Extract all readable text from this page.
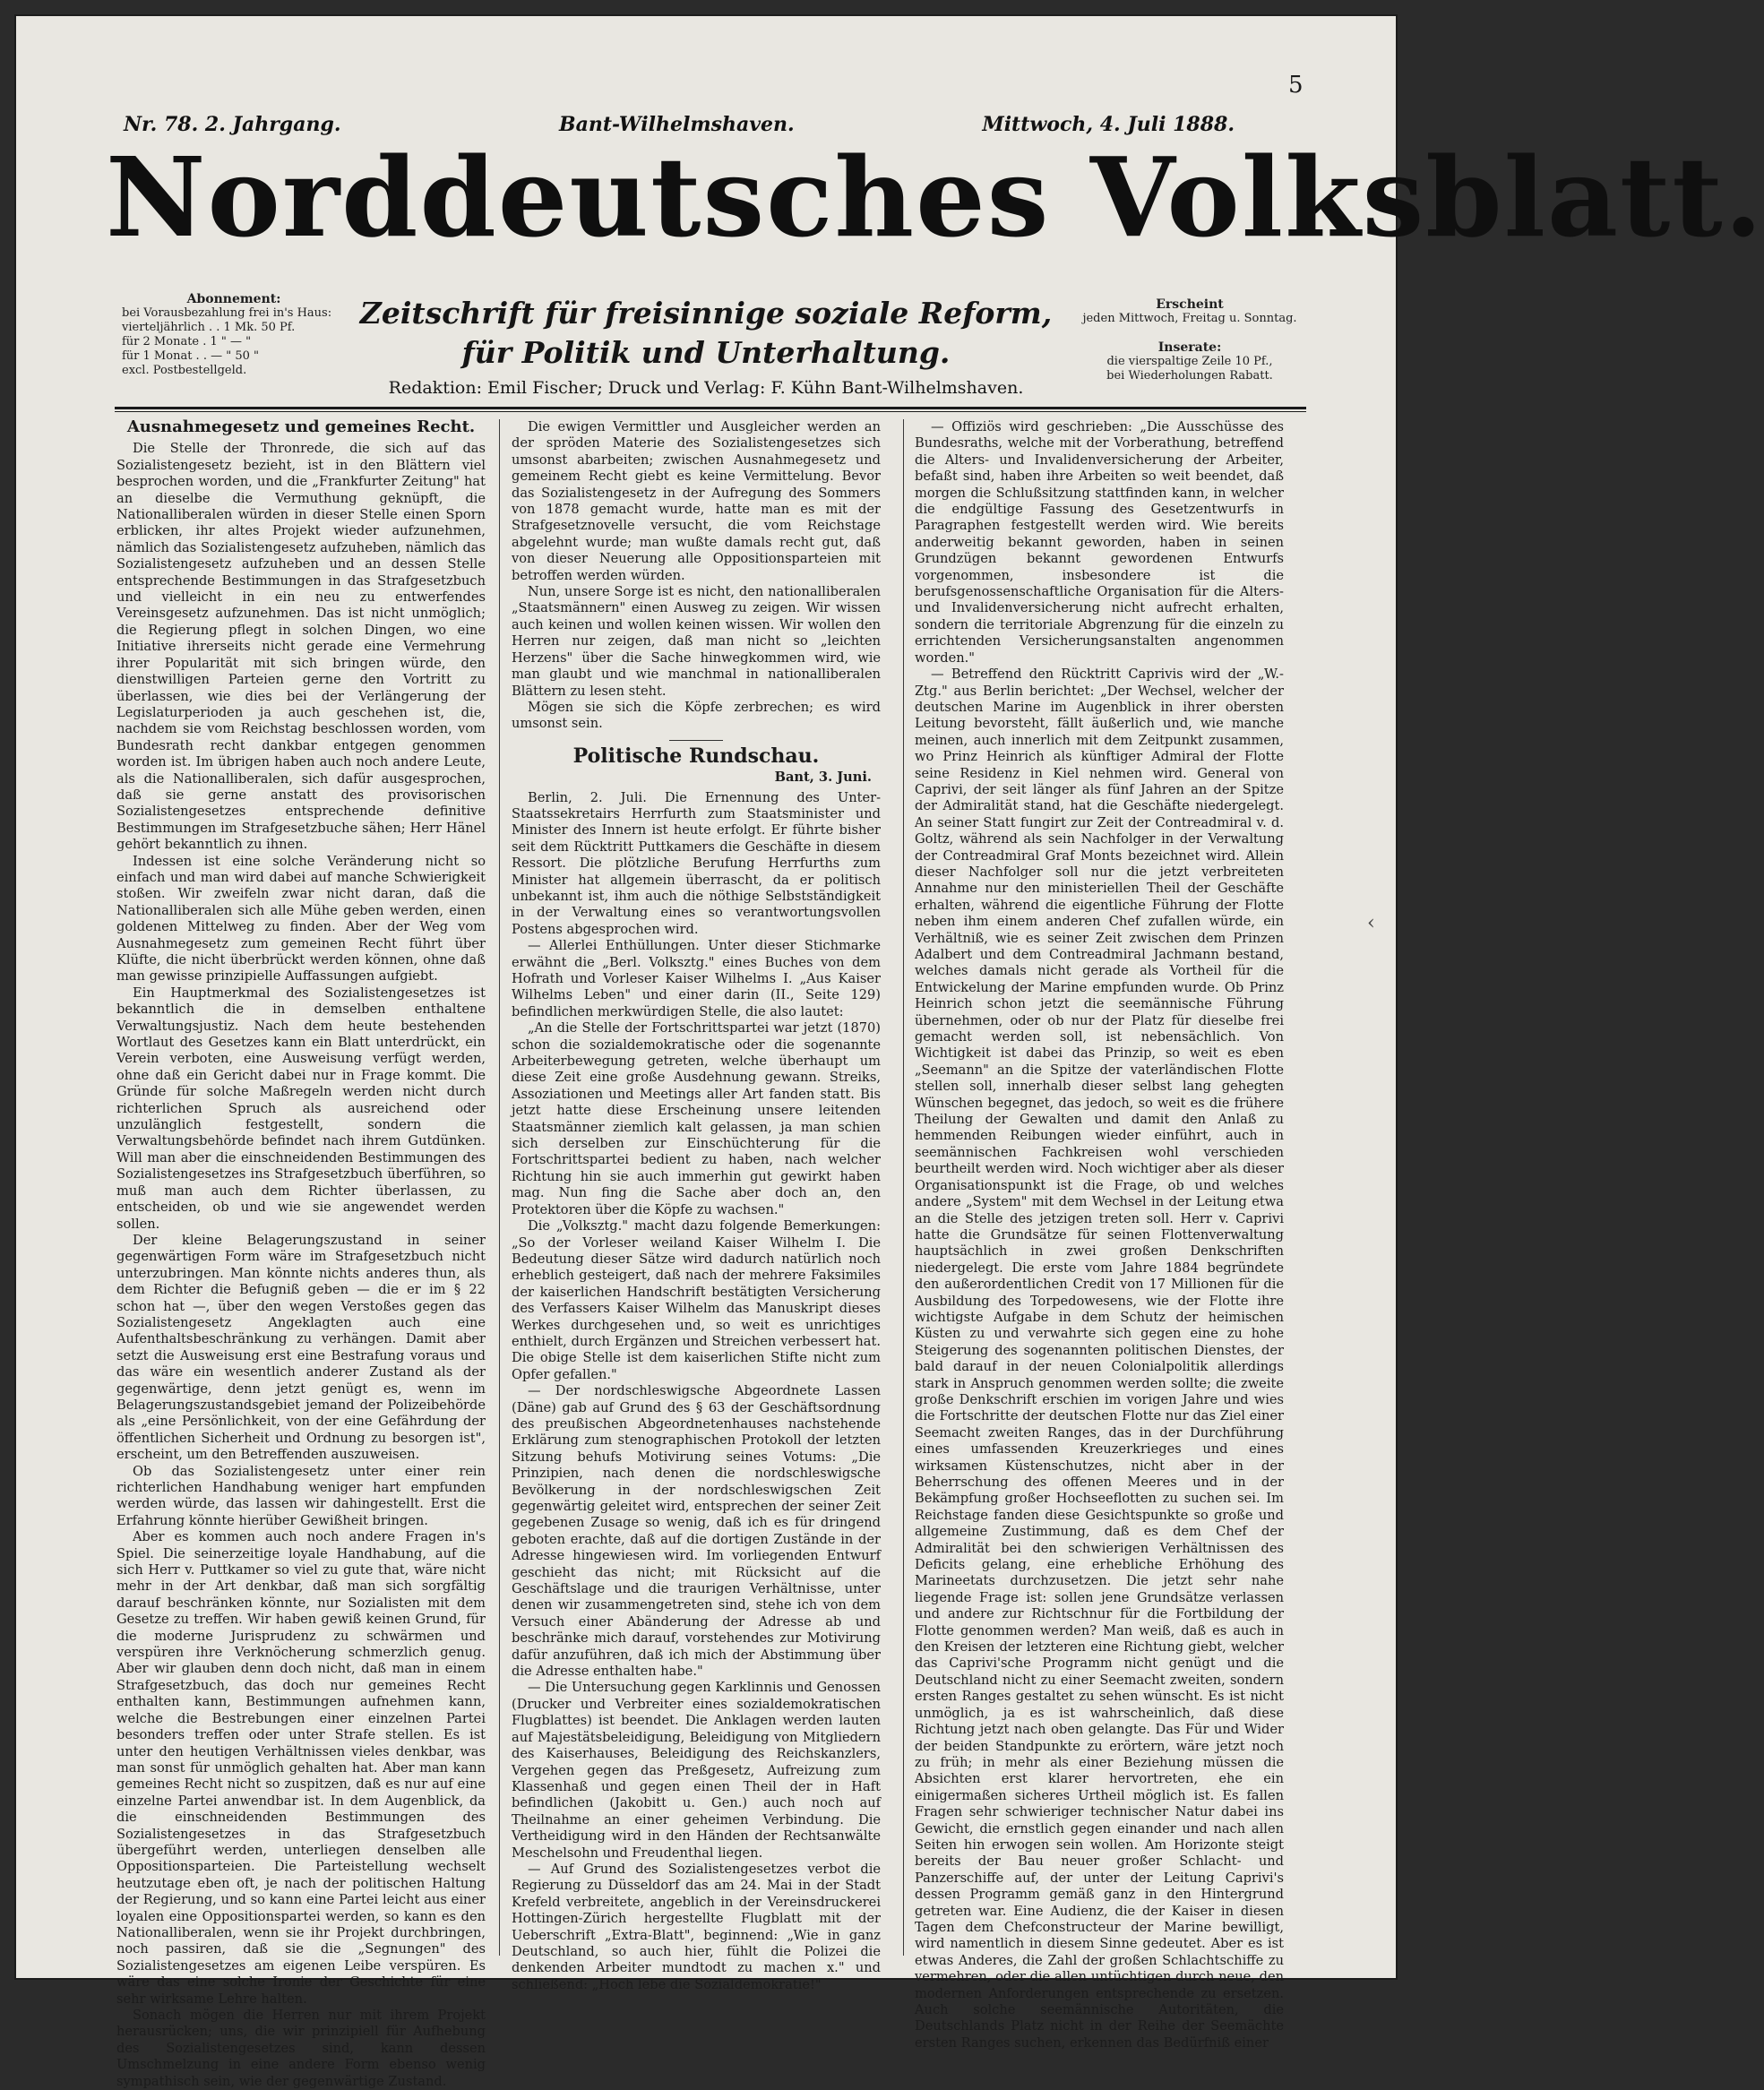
5
Nr. 78. 2. Jahrgang.	Bant-Wilhelmshaven.	Mittwoch, 4. Juli 1888.
Norddeutsches Volksblatt.
Abonnement:
bei Vorausbezahlung frei in's Haus:
vierteljährlich . . 1 Mk. 50 Pf.
für 2 Monate . 1 " — "
für 1 Monat . . — " 50 "
excl. Postbestellgeld.
Zeitschrift für freisinnige soziale Reform,
für Politik und Unterhaltung.
Redaktion: Emil Fischer; Druck und Verlag: F. Kühn Bant-Wilhelmshaven.
Erscheint
jeden Mittwoch, Freitag u. Sonntag.
Inserate:
die vierspaltige Zeile 10 Pf.,
bei Wiederholungen Rabatt.
Ausnahmegesetz und gemeines Recht.

Die Stelle der Thronrede, die sich auf das Sozialistengesetz bezieht, ist in den Blättern viel besprochen worden, und die „Frankfurter Zeitung" hat an dieselbe die Vermuthung geknüpft, die Nationalliberalen würden in dieser Stelle einen Sporn erblicken, ihr altes Projekt wieder aufzunehmen, nämlich das Sozialistengesetz aufzuheben, nämlich das Sozialistengesetz aufzuheben und an dessen Stelle entsprechende Bestimmungen in das Strafgesetzbuch und vielleicht in ein neu zu entwerfendes Vereinsgesetz aufzunehmen. Das ist nicht unmöglich; die Regierung pflegt in solchen Dingen, wo eine Initiative ihrerseits nicht gerade eine Vermehrung ihrer Popularität mit sich bringen würde, den dienstwilligen Parteien gerne den Vortritt zu überlassen, wie dies bei der Verlängerung der Legislaturperioden ja auch geschehen ist, die, nachdem sie vom Reichstag beschlossen worden, vom Bundesrath recht dankbar entgegen genommen worden ist. Im übrigen haben auch noch andere Leute, als die Nationalliberalen, sich dafür ausgesprochen, daß sie gerne anstatt des provisorischen Sozialistengesetzes entsprechende definitive Bestimmungen im Strafgesetzbuche sähen; Herr Hänel gehört bekanntlich zu ihnen.

Indessen ist eine solche Veränderung nicht so einfach und man wird dabei auf manche Schwierigkeit stoßen. Wir zweifeln zwar nicht daran, daß die Nationalliberalen sich alle Mühe geben werden, einen goldenen Mittelweg zu finden. Aber der Weg vom Ausnahmegesetz zum gemeinen Recht führt über Klüfte, die nicht überbrückt werden können, ohne daß man gewisse prinzipielle Auffassungen aufgiebt.

Ein Hauptmerkmal des Sozialistengesetzes ist bekanntlich die in demselben enthaltene Verwaltungsjustiz. Nach dem heute bestehenden Wortlaut des Gesetzes kann ein Blatt unterdrückt, ein Verein verboten, eine Ausweisung verfügt werden, ohne daß ein Gericht dabei nur in Frage kommt. Die Gründe für solche Maßregeln werden nicht durch richterlichen Spruch als ausreichend oder unzulänglich festgestellt, sondern die Verwaltungsbehörde befindet nach ihrem Gutdünken. Will man aber die einschneidenden Bestimmungen des Sozialistengesetzes ins Strafgesetzbuch überführen, so muß man auch dem Richter überlassen, zu entscheiden, ob und wie sie angewendet werden sollen.

Der kleine Belagerungszustand in seiner gegenwärtigen Form wäre im Strafgesetzbuch nicht unterzubringen. Man könnte nichts anderes thun, als dem Richter die Befugniß geben — die er im § 22 schon hat —, über den wegen Verstoßes gegen das Sozialistengesetz Angeklagten auch eine Aufenthaltsbeschränkung zu verhängen. Damit aber setzt die Ausweisung erst eine Bestrafung voraus und das wäre ein wesentlich anderer Zustand als der gegenwärtige, denn jetzt genügt es, wenn im Belagerungszustandsgebiet jemand der Polizeibehörde als „eine Persönlichkeit, von der eine Gefährdung der öffentlichen Sicherheit und Ordnung zu besorgen ist", erscheint, um den Betreffenden auszuweisen.

Ob das Sozialistengesetz unter einer rein richterlichen Handhabung weniger hart empfunden werden würde, das lassen wir dahingestellt. Erst die Erfahrung könnte hierüber Gewißheit bringen.

Aber es kommen auch noch andere Fragen in's Spiel. Die seinerzeitige loyale Handhabung, auf die sich Herr v. Puttkamer so viel zu gute that, wäre nicht mehr in der Art denkbar, daß man sich sorgfältig darauf beschränken könnte, nur Sozialisten mit dem Gesetze zu treffen. Wir haben gewiß keinen Grund, für die moderne Jurisprudenz zu schwärmen und verspüren ihre Verknöcherung schmerzlich genug. Aber wir glauben denn doch nicht, daß man in einem Strafgesetzbuch, das doch nur gemeines Recht enthalten kann, Bestimmungen aufnehmen kann, welche die Bestrebungen einer einzelnen Partei besonders treffen oder unter Strafe stellen. Es ist unter den heutigen Verhältnissen vieles denkbar, was man sonst für unmöglich gehalten hat. Aber man kann gemeines Recht nicht so zuspitzen, daß es nur auf eine einzelne Partei anwendbar ist. In dem Augenblick, da die einschneidenden Bestimmungen des Sozialistengesetzes in das Strafgesetzbuch übergeführt werden, unterliegen denselben alle Oppositionsparteien. Die Parteistellung wechselt heutzutage eben oft, je nach der politischen Haltung der Regierung, und so kann eine Partei leicht aus einer loyalen eine Oppositionspartei werden, so kann es den Nationalliberalen, wenn sie ihr Projekt durchbringen, noch passiren, daß sie die „Segnungen" des Sozialistengesetzes am eigenen Leibe verspüren. Es wäre das eine solche Ironie der Geschichte für eine sehr wirksame Lehre halten.

Sonach mögen die Herren nur mit ihrem Projekt herausrücken; uns, die wir prinzipiell für Aufhebung des Sozialistengesetzes sind, kann dessen Umschmelzung in eine andere Form ebenso wenig sympathisch sein, wie der gegenwärtige Zustand.

Die ewigen Vermittler und Ausgleicher werden an der spröden Materie des Sozialistengesetzes sich umsonst abarbeiten; zwischen Ausnahmegesetz und gemeinem Recht giebt es keine Vermittelung. Bevor das Sozialistengesetz in der Aufregung des Sommers von 1878 gemacht wurde, hatte man es mit der Strafgesetznovelle versucht, die vom Reichstage abgelehnt wurde; man wußte damals recht gut, daß von dieser Neuerung alle Oppositionsparteien mit betroffen werden würden.

Nun, unsere Sorge ist es nicht, den nationalliberalen „Staatsmännern" einen Ausweg zu zeigen. Wir wissen auch keinen und wollen keinen wissen. Wir wollen den Herren nur zeigen, daß man nicht so „leichten Herzens" über die Sache hinwegkommen wird, wie man glaubt und wie manchmal in nationalliberalen Blättern zu lesen steht.

Mögen sie sich die Köpfe zerbrechen; es wird umsonst sein.

Politische Rundschau.
Bant, 3. Juni.

Berlin, 2. Juli. Die Ernennung des Unter-Staatssekretairs Herrfurth zum Staatsminister und Minister des Innern ist heute erfolgt. Er führte bisher seit dem Rücktritt Puttkamers die Geschäfte in diesem Ressort. Die plötzliche Berufung Herrfurths zum Minister hat allgemein überrascht, da er politisch unbekannt ist, ihm auch die nöthige Selbstständigkeit in der Verwaltung eines so verantwortungsvollen Postens abgesprochen wird.

— Allerlei Enthüllungen. Unter dieser Stichmarke erwähnt die „Berl. Volksztg." eines Buches von dem Hofrath und Vorleser Kaiser Wilhelms I. „Aus Kaiser Wilhelms Leben" und einer darin (II., Seite 129) befindlichen merkwürdigen Stelle, die also lautet:

„An die Stelle der Fortschrittspartei war jetzt (1870) schon die sozialdemokratische oder die sogenannte Arbeiterbewegung getreten, welche überhaupt um diese Zeit eine große Ausdehnung gewann. Streiks, Assoziationen und Meetings aller Art fanden statt. Bis jetzt hatte diese Erscheinung unsere leitenden Staatsmänner ziemlich kalt gelassen, ja man schien sich derselben zur Einschüchterung für die Fortschrittspartei bedient zu haben, nach welcher Richtung hin sie auch immerhin gut gewirkt haben mag. Nun fing die Sache aber doch an, den Protektoren über die Köpfe zu wachsen."

Die „Volksztg." macht dazu folgende Bemerkungen: „So der Vorleser weiland Kaiser Wilhelm I. Die Bedeutung dieser Sätze wird dadurch natürlich noch erheblich gesteigert, daß nach der mehrere Faksimiles der kaiserlichen Handschrift bestätigten Versicherung des Verfassers Kaiser Wilhelm das Manuskript dieses Werkes durchgesehen und, so weit es unrichtiges enthielt, durch Ergänzen und Streichen verbessert hat. Die obige Stelle ist dem kaiserlichen Stifte nicht zum Opfer gefallen."

— Der nordschleswigsche Abgeordnete Lassen (Däne) gab auf Grund des § 63 der Geschäftsordnung des preußischen Abgeordnetenhauses nachstehende Erklärung zum stenographischen Protokoll der letzten Sitzung behufs Motivirung seines Votums: „Die Prinzipien, nach denen die nordschleswigsche Bevölkerung in der nordschleswigschen Zeit gegenwärtig geleitet wird, entsprechen der seiner Zeit gegebenen Zusage so wenig, daß ich es für dringend geboten erachte, daß auf die dortigen Zustände in der Adresse hingewiesen wird. Im vorliegenden Entwurf geschieht das nicht; mit Rücksicht auf die Geschäftslage und die traurigen Verhältnisse, unter denen wir zusammengetreten sind, stehe ich von dem Versuch einer Abänderung der Adresse ab und beschränke mich darauf, vorstehendes zur Motivirung dafür anzuführen, daß ich mich der Abstimmung über die Adresse enthalten habe."

— Die Untersuchung gegen Karklinnis und Genossen (Drucker und Verbreiter eines sozialdemokratischen Flugblattes) ist beendet. Die Anklagen werden lauten auf Majestätsbeleidigung, Beleidigung von Mitgliedern des Kaiserhauses, Beleidigung des Reichskanzlers, Vergehen gegen das Preßgesetz, Aufreizung zum Klassenhaß und gegen einen Theil der in Haft befindlichen (Jakobitt u. Gen.) auch noch auf Theilnahme an einer geheimen Verbindung. Die Vertheidigung wird in den Händen der Rechtsanwälte Meschelsohn und Freudenthal liegen.

— Auf Grund des Sozialistengesetzes verbot die Regierung zu Düsseldorf das am 24. Mai in der Stadt Krefeld verbreitete, angeblich in der Vereinsdruckerei Hottingen-Zürich hergestellte Flugblatt mit der Ueberschrift „Extra-Blatt", beginnend: „Wie in ganz Deutschland, so auch hier, fühlt die Polizei die denkenden Arbeiter mundtodt zu machen x." und schließend: „Hoch lebe die Sozialdemokratie!"

— Offiziös wird geschrieben: „Die Ausschüsse des Bundesraths, welche mit der Vorberathung, betreffend die Alters- und Invalidenversicherung der Arbeiter, befaßt sind, haben ihre Arbeiten so weit beendet, daß morgen die Schlußsitzung stattfinden kann, in welcher die endgültige Fassung des Gesetzentwurfs in Paragraphen festgestellt werden wird. Wie bereits anderweitig bekannt geworden, haben in seinen Grundzügen bekannt gewordenen Entwurfs vorgenommen, insbesondere ist die berufsgenossenschaftliche Organisation für die Alters- und Invalidenversicherung nicht aufrecht erhalten, sondern die territoriale Abgrenzung für die einzeln zu errichtenden Versicherungsanstalten angenommen worden."

— Betreffend den Rücktritt Caprivis wird der „W.-Ztg." aus Berlin berichtet: „Der Wechsel, welcher der deutschen Marine im Augenblick in ihrer obersten Leitung bevorsteht, fällt äußerlich und, wie manche meinen, auch innerlich mit dem Zeitpunkt zusammen, wo Prinz Heinrich als künftiger Admiral der Flotte seine Residenz in Kiel nehmen wird. General von Caprivi, der seit länger als fünf Jahren an der Spitze der Admiralität stand, hat die Geschäfte niedergelegt. An seiner Statt fungirt zur Zeit der Contreadmiral v. d. Goltz, während als sein Nachfolger in der Verwaltung der Contreadmiral Graf Monts bezeichnet wird. Allein dieser Nachfolger soll nur die jetzt verbreiteten Annahme nur den ministeriellen Theil der Geschäfte erhalten, während die eigentliche Führung der Flotte neben ihm einem anderen Chef zufallen würde, ein Verhältniß, wie es seiner Zeit zwischen dem Prinzen Adalbert und dem Contreadmiral Jachmann bestand, welches damals nicht gerade als Vortheil für die Entwickelung der Marine empfunden wurde. Ob Prinz Heinrich schon jetzt die seemännische Führung übernehmen, oder ob nur der Platz für dieselbe frei gemacht werden soll, ist nebensächlich. Von Wichtigkeit ist dabei das Prinzip, so weit es eben „Seemann" an die Spitze der vaterländischen Flotte stellen soll, innerhalb dieser selbst lang gehegten Wünschen begegnet, das jedoch, so weit es die frühere Theilung der Gewalten und damit den Anlaß zu hemmenden Reibungen wieder einführt, auch in seemännischen Fachkreisen wohl verschieden beurtheilt werden wird. Noch wichtiger aber als dieser Organisationspunkt ist die Frage, ob und welches andere „System" mit dem Wechsel in der Leitung etwa an die Stelle des jetzigen treten soll. Herr v. Caprivi hatte die Grundsätze für seinen Flottenverwaltung hauptsächlich in zwei großen Denkschriften niedergelegt. Die erste vom Jahre 1884 begründete den außerordentlichen Credit von 17 Millionen für die Ausbildung des Torpedowesens, wie der Flotte ihre wichtigste Aufgabe in dem Schutz der heimischen Küsten zu und verwahrte sich gegen eine zu hohe Steigerung des sogenannten politischen Dienstes, der bald darauf in der neuen Colonialpolitik allerdings stark in Anspruch genommen werden sollte; die zweite große Denkschrift erschien im vorigen Jahre und wies die Fortschritte der deutschen Flotte nur das Ziel einer Seemacht zweiten Ranges, das in der Durchführung eines umfassenden Kreuzerkrieges und eines wirksamen Küstenschutzes, nicht aber in der Beherrschung des offenen Meeres und in der Bekämpfung großer Hochseeflotten zu suchen sei. Im Reichstage fanden diese Gesichtspunkte so große und allgemeine Zustimmung, daß es dem Chef der Admiralität bei den schwierigen Verhältnissen des Deficits gelang, eine erhebliche Erhöhung des Marineetats durchzusetzen. Die jetzt sehr nahe liegende Frage ist: sollen jene Grundsätze verlassen und andere zur Richtschnur für die Fortbildung der Flotte genommen werden? Man weiß, daß es auch in den Kreisen der letzteren eine Richtung giebt, welcher das Caprivi'sche Programm nicht genügt und die Deutschland nicht zu einer Seemacht zweiten, sondern ersten Ranges gestaltet zu sehen wünscht. Es ist nicht unmöglich, ja es ist wahrscheinlich, daß diese Richtung jetzt nach oben gelangte. Das Für und Wider der beiden Standpunkte zu erörtern, wäre jetzt noch zu früh; in mehr als einer Beziehung müssen die Absichten erst klarer hervortreten, ehe ein einigermaßen sicheres Urtheil möglich ist. Es fallen Fragen sehr schwieriger technischer Natur dabei ins Gewicht, die ernstlich gegen einander und nach allen Seiten hin erwogen sein wollen. Am Horizonte steigt bereits der Bau neuer großer Schlacht- und Panzerschiffe auf, der unter der Leitung Caprivi's dessen Programm gemäß ganz in den Hintergrund getreten war. Eine Audienz, die der Kaiser in diesen Tagen dem Chefconstructeur der Marine bewilligt, wird namentlich in diesem Sinne gedeutet. Aber es ist etwas Anderes, die Zahl der großen Schlachtschiffe zu vermehren, oder die allen untüchtigen durch neue, den modernen Anforderungen entsprechende zu ersetzen. Auch solche seemännische Autoritäten, die Deutschlands Platz nicht in der Reihe der Seemächte ersten Ranges suchen, erkennen das Bedürfniß einer

‹
